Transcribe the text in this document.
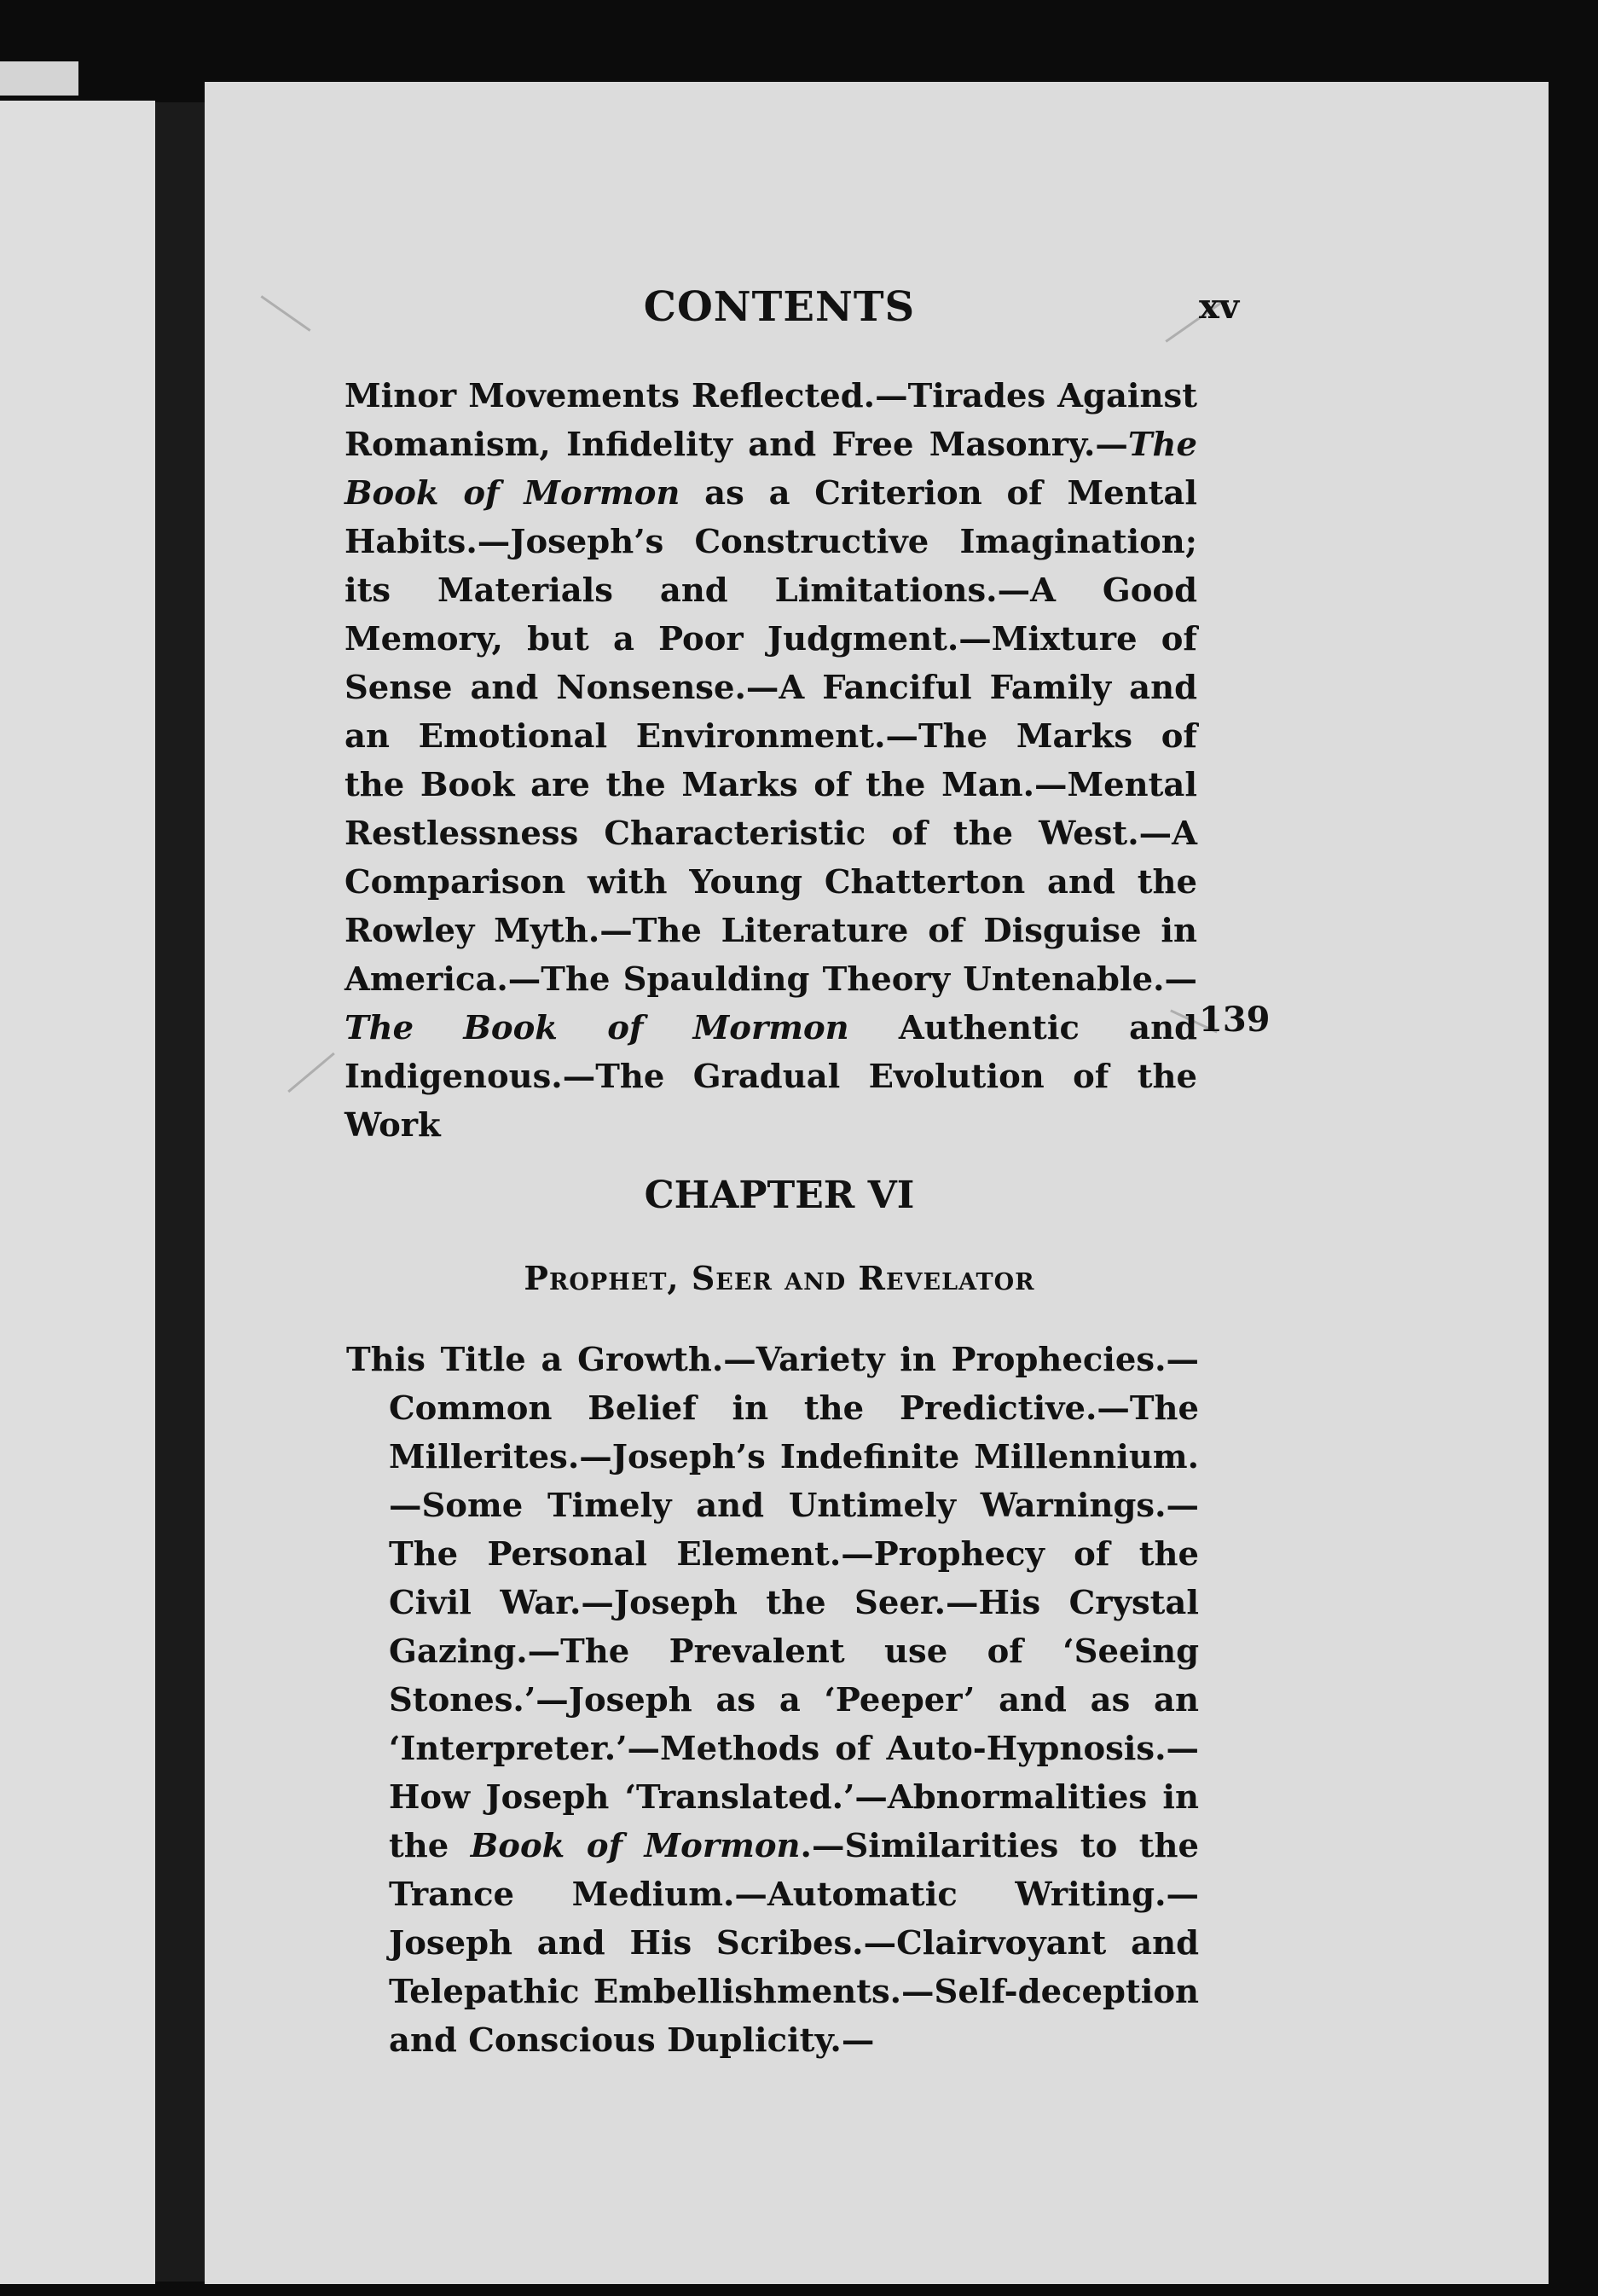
CONTENTS	xv

Minor Movements Reflected.—Tirades Against Romanism, Infidelity and Free Masonry.—The Book of Mormon as a Criterion of Mental Habits.—Joseph’s Constructive Imagination; its Materials and Limitations.—A Good Memory, but a Poor Judgment.—Mixture of Sense and Nonsense.—A Fanciful Family and an Emotional Environment.—The Marks of the Book are the Marks of the Man.—Mental Restlessness Characteristic of the West.—A Comparison with Young Chatterton and the Rowley Myth.—The Literature of Disguise in America.—The Spaulding Theory Untenable.—The Book of Mormon Authentic and Indigenous.—The Gradual Evolution of the Work

139
CHAPTER VI
Prophet, Seer and Revelator

This Title a Growth.—Variety in Prophecies.—Common Belief in the Predictive.—The Millerites.—Joseph’s Indefinite Millennium.—Some Timely and Untimely Warnings.—The Personal Element.—Prophecy of the Civil War.—Joseph the Seer.—His Crystal Gazing.—The Prevalent use of ‘Seeing Stones.’—Joseph as a ‘Peeper’ and as an ‘Interpreter.’—Methods of Auto-Hypnosis.—How Joseph ‘Translated.’—Abnormalities in the Book of Mormon.—Similarities to the Trance Medium.—Automatic Writing.—Joseph and His Scribes.—Clairvoyant and Telepathic Embellishments.—Self-deception and Conscious Duplicity.—
